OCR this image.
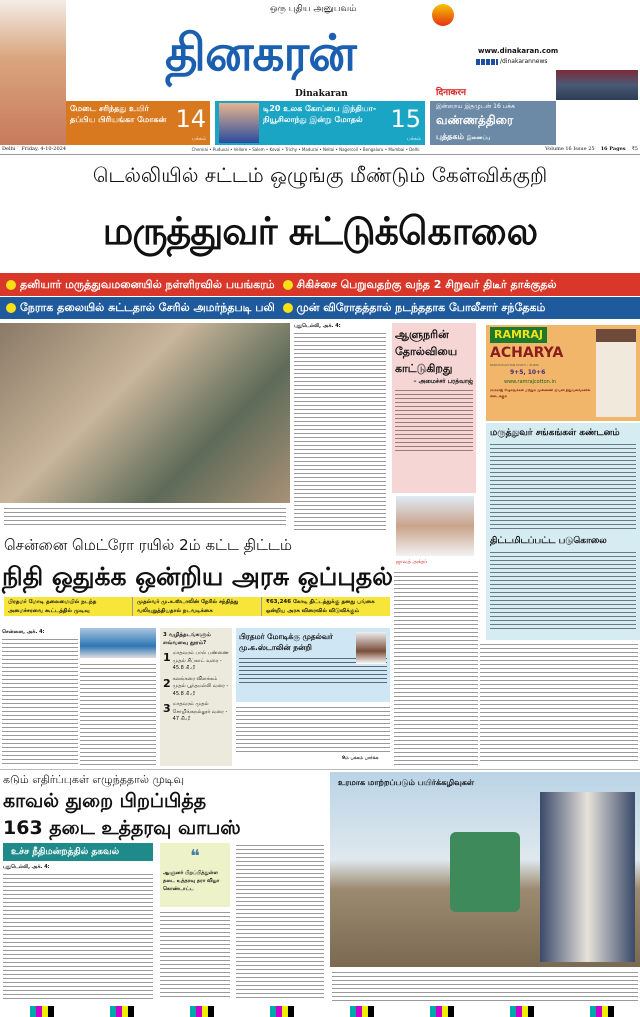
ஒரு புதிய அனுபவம்
தினகரன்
Dinakaran	दिनाकरन
www.dinakaran.com
/dinakarannews
மேடை சரிந்தது உயிர் தப்பிய பிரியங்கா மோகன் 14
பக்கம்
டி20 உலக கோப்பை இந்தியா-நியூசிலாந்து இன்று மோதல்	15
பக்கம்
இன்றைய இதழுடன் 16 பக்க
வண்ணத்திரை
புத்தகம் இணைப்பு
Delhi Friday, 4-10-2024	Chennai • Puduvai • Vellore • Salem • Kovai • Trichy • Madurai • Nellai • Nagercoil • Bengaluru • Mumbai • Delhi	Volume 16 Issue 25 16 Pages ₹5
டெல்லியில் சட்டம் ஒழுங்கு மீண்டும் கேள்விக்குறி
மருத்துவர் சுட்டுக்கொலை
தனியார் மருத்துவமனையில் நள்ளிரவில் பயங்கரம் சிகிச்சை பெறுவதற்கு வந்த 2 சிறுவர் திடீர் தாக்குதல்
நேராக தலையில் சுட்டதால் சேரில் அமர்ந்தபடி பலி முன் விரோதத்தால் நடந்ததாக போலீசார் சந்தேகம்
புதுடெல்லி, அக். 4:
ஆளுநரின் தோல்வியை காட்டுகிறது
– அமைச்சர் பரத்வாஜ்
ஜாவத் அக்தர்
RAMRAJ
ACHARYA
PANCHAKACHAM DHOTI • KURTA
9+5, 10+6
www.ramrajcotton.in
ராம்ராஜ் ஷோரூம்கள் மற்றும் முன்னணி ஜவுளி நிறுவனங்களில் கிடைக்கும்
மருத்துவர் சங்கங்கள் கண்டனம்
திட்டமிடப்பட்ட படுகொலை
சென்னை மெட்ரோ ரயில் 2ம் கட்ட திட்டம்
நிதி ஒதுக்க ஒன்றிய அரசு ஒப்புதல்
பிரதமர் மோடி தலைமையில் நடந்த அமைச்சரவை கூட்டத்தில் முடிவு
முதல்வர் மு.க.ஸ்டாலின் நேரில் சந்தித்து வலியுறுத்தியதால் நடவடிக்கை
₹63,246 கோடி திட்டத்துக்கு தனது பங்கை ஒன்றிய அரசு விரைவில் விடுவிக்கும்
சென்னை, அக். 4:	3 வழித்தடங்களும் எவ்வளவு தூரம்?
1 மாதவரம் பால் பண்ணை முதல் சிப்காட் வரை - 45.8 கி.மீ
2 கலங்கரை விளக்கம் முதல் பூந்தமல்லி வரை - 45.8 கி.மீ
3 மாதவரம் முதல் சோழிங்கநல்லூர் வரை - 47 கி.மீ
பிரதமர் மோடிக்கு முதல்வர் மு.க.ஸ்டாலின் நன்றி
9ம் பக்கம் பார்க்க
கடும் எதிர்ப்புகள் எழுந்ததால் முடிவு
காவல் துறை பிறப்பித்த
163 தடை உத்தரவு வாபஸ்
உச்ச நீதிமன்றத்தில் தகவல்
புதுடெல்லி, அக். 4:	❝
ஆளுனர் பிறப்பித்துள்ள தடை உத்தரவு தரா விழா கொண்டாட்ட
உரமாக மாற்றப்படும் பயிர்க்கழிவுகள்
